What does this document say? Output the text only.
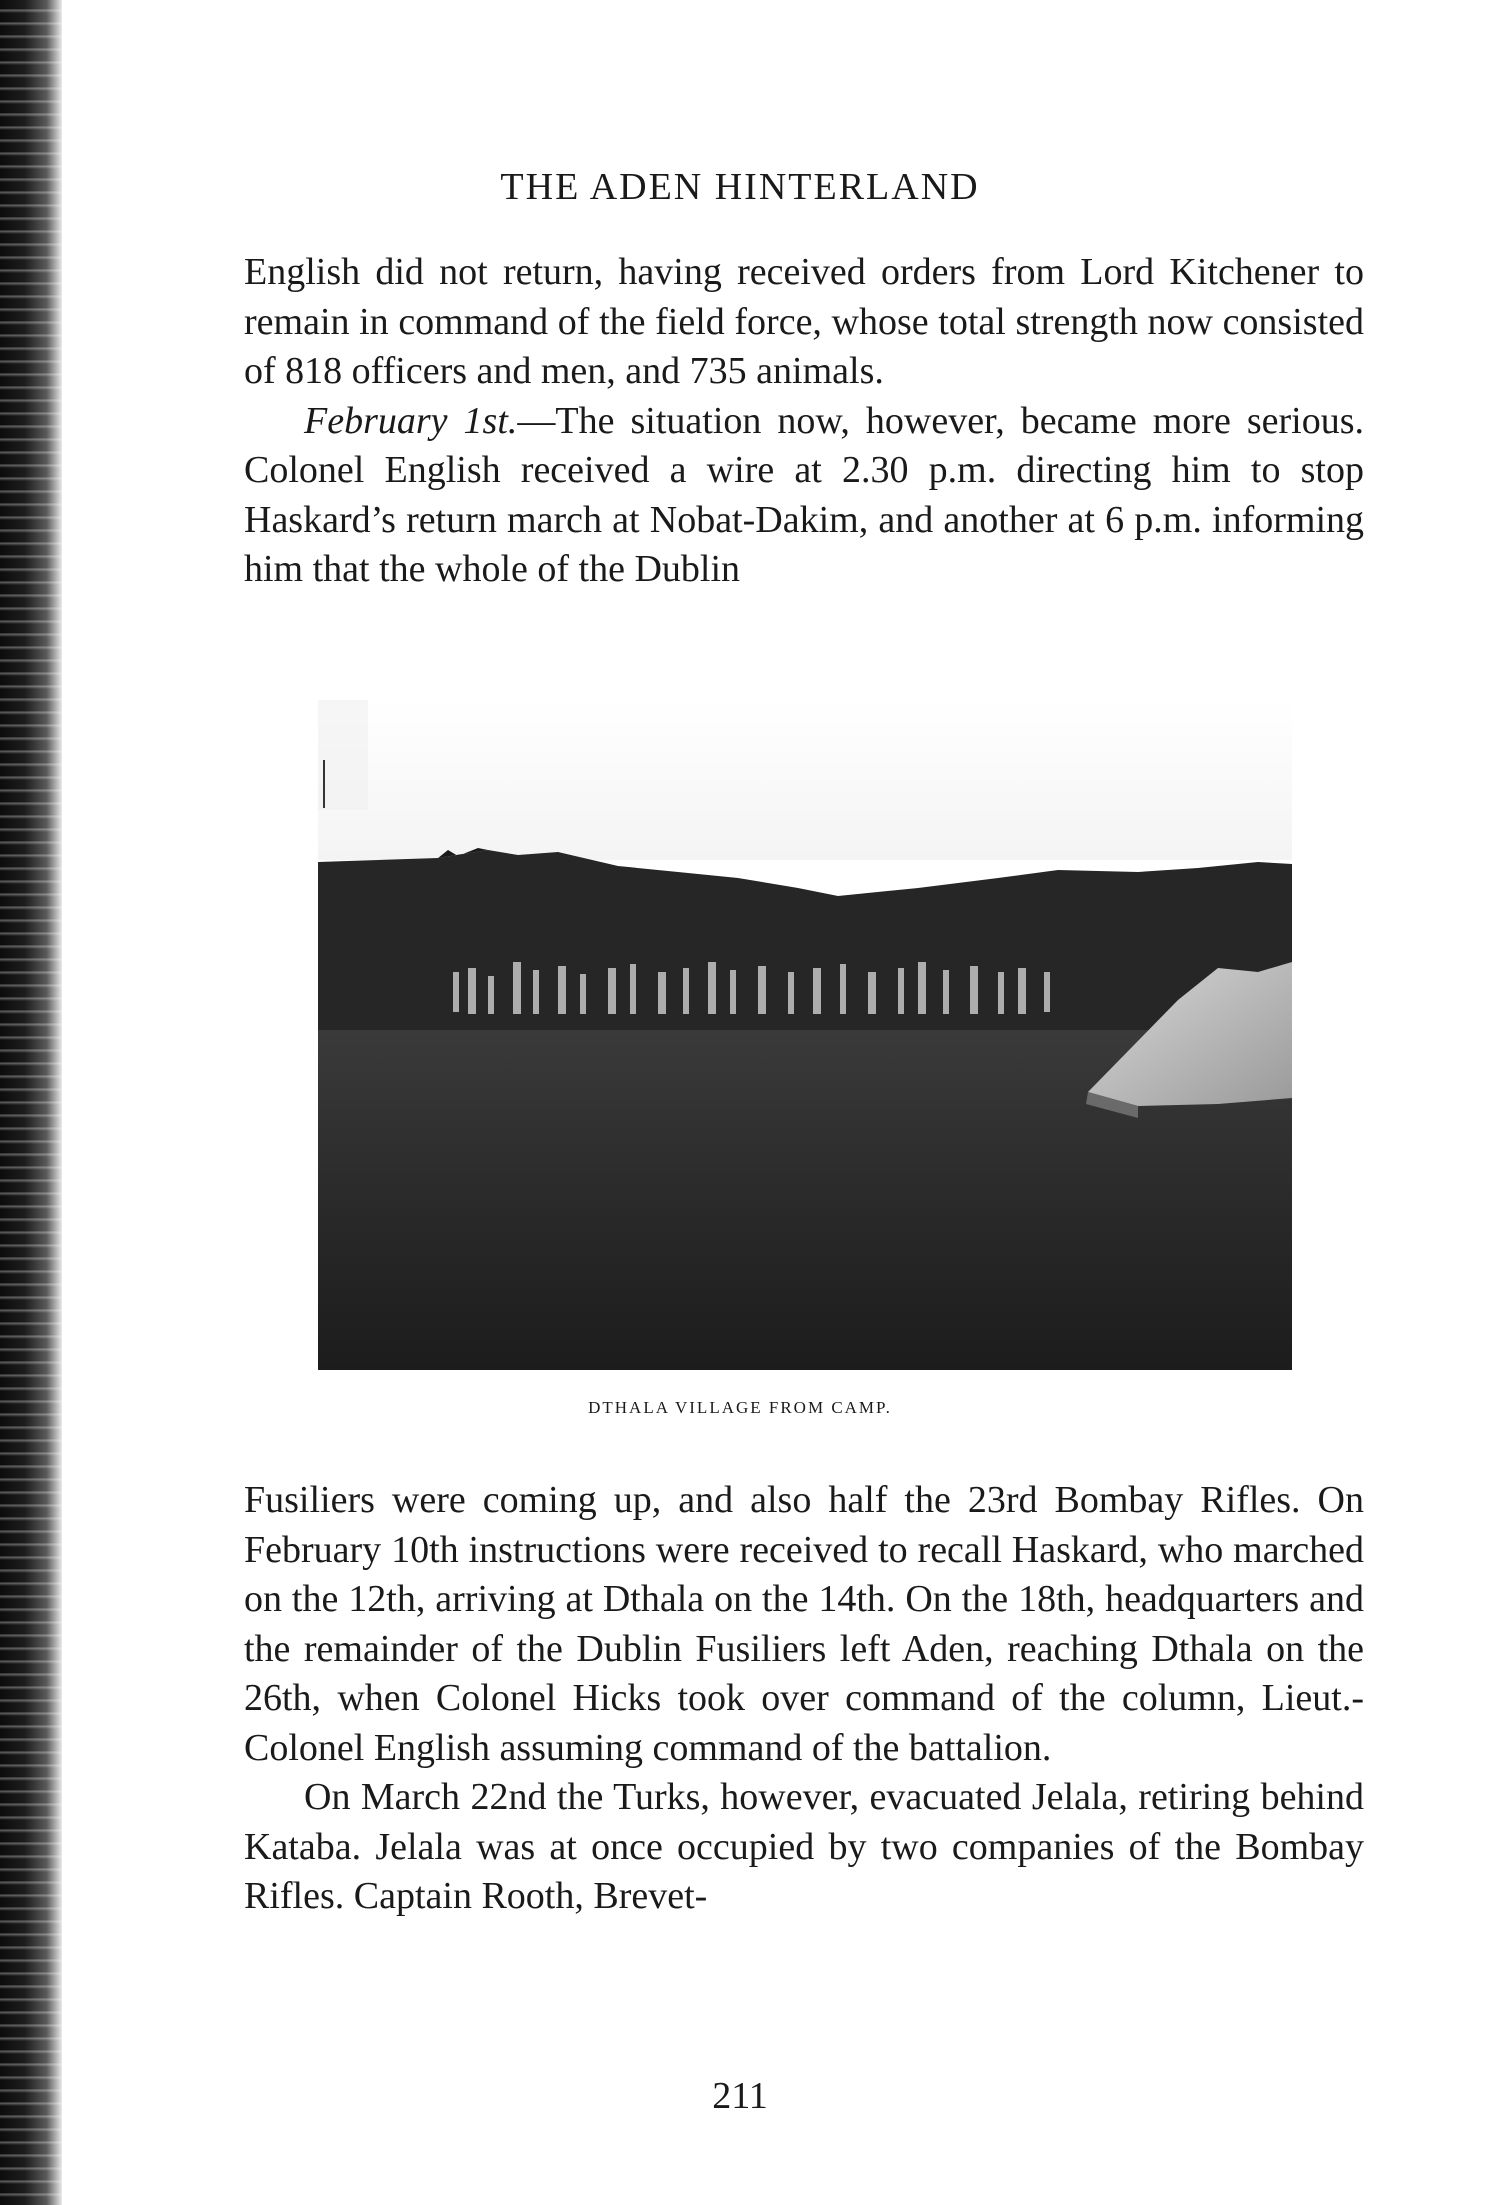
THE ADEN HINTERLAND

English did not return, having received orders from Lord Kitchener to remain in command of the field force, whose total strength now consisted of 818 officers and men, and 735 animals.

February 1st.—The situation now, however, became more serious. Colonel English received a wire at 2.30 p.m. directing him to stop Haskard’s return march at Nobat-Dakim, and another at 6 p.m. informing him that the whole of the Dublin

DTHALA VILLAGE FROM CAMP.

Fusiliers were coming up, and also half the 23rd Bombay Rifles. On February 10th instructions were received to recall Haskard, who marched on the 12th, arriving at Dthala on the 14th. On the 18th, headquarters and the remainder of the Dublin Fusiliers left Aden, reaching Dthala on the 26th, when Colonel Hicks took over command of the column, Lieut.-Colonel English assuming command of the battalion.

On March 22nd the Turks, however, evacuated Jelala, retiring behind Kataba. Jelala was at once occupied by two companies of the Bombay Rifles. Captain Rooth, Brevet-

211
